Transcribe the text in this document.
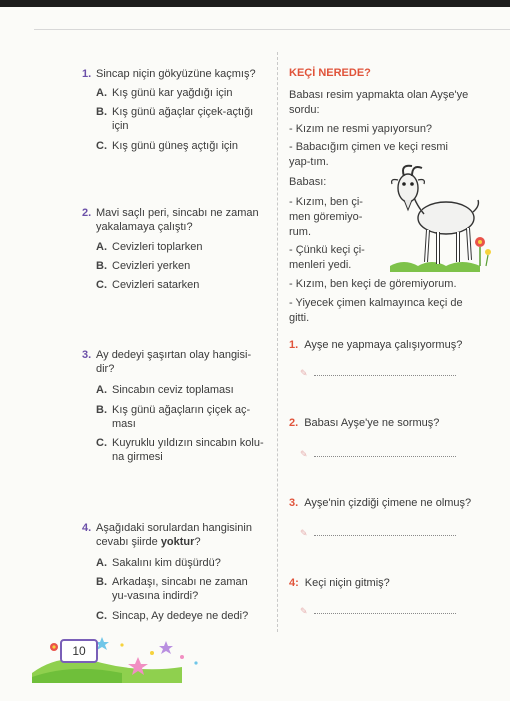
1. Sincap niçin gökyüzüne kaçmış?
A. Kış günü kar yağdığı için
B. Kış günü ağaçlar çiçek-açtığı için
C. Kış günü güneş açtığı için
2. Mavi saçlı peri, sincabı ne zaman yakalamaya çalıştı?
A. Cevizleri toplarken
B. Cevizleri yerken
C. Cevizleri satarken
3. Ay dedeyi şaşırtan olay hangisi-dir?
A. Sincabın ceviz toplaması
B. Kış günü ağaçların çiçek aç-ması
C. Kuyruklu yıldızın sincabın kolu-na girmesi
4. Aşağıdaki sorulardan hangisinin cevabı şiirde yoktur?
A. Sakalını kim düşürdü?
B. Arkadaşı, sincabı ne zaman yu-vasına indirdi?
C. Sincap, Ay dedeye ne dedi?
KEÇİ NEREDE?
Babası resim yapmakta olan Ayşe'ye sordu:
- Kızım ne resmi yapıyorsun?
- Babacığım çimen ve keçi resmi yap-tım.
Babası:
- Kızım, ben çi-men göremiyo-rum.
- Çünkü keçi çi-menleri yedi.
- Kızım, ben keçi de göremiyorum.
- Yiyecek çimen kalmayınca keçi de gitti.
1. Ayşe ne yapmaya çalışıyormuş?
✎
2. Babası Ayşe'ye ne sormuş?
✎
3. Ayşe'nin çizdiği çimene ne olmuş?
✎
4: Keçi niçin gitmiş?
✎
10
